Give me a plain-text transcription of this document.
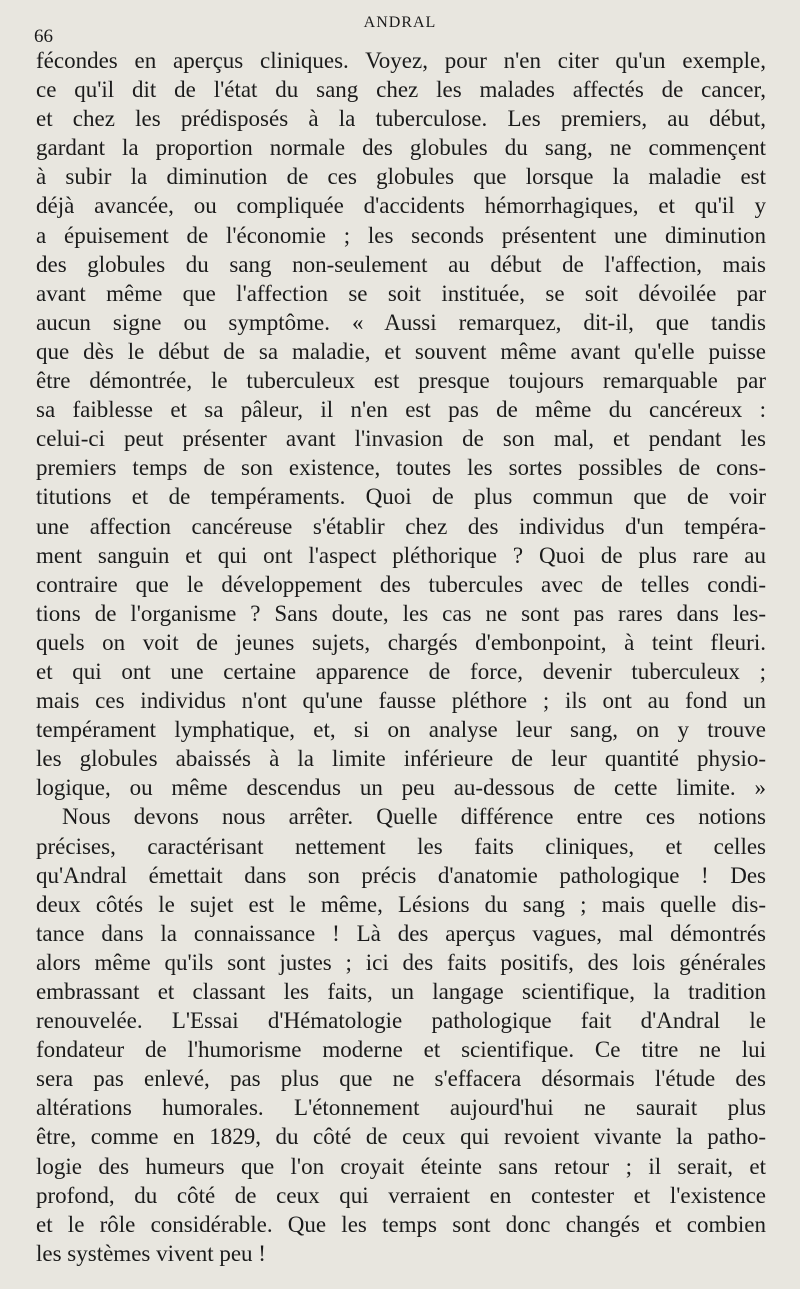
66
ANDRAL
fécondes en aperçus cliniques. Voyez, pour n'en citer qu'un exemple,
ce qu'il dit de l'état du sang chez les malades affectés de cancer,
et chez les prédisposés à la tuberculose. Les premiers, au début,
gardant la proportion normale des globules du sang, ne commençent
à subir la diminution de ces globules que lorsque la maladie est
déjà avancée, ou compliquée d'accidents hémorrhagiques, et qu'il y
a épuisement de l'économie ; les seconds présentent une diminution
des globules du sang non-seulement au début de l'affection, mais
avant même que l'affection se soit instituée, se soit dévoilée par
aucun signe ou symptôme. « Aussi remarquez, dit-il, que tandis
que dès le début de sa maladie, et souvent même avant qu'elle puisse
être démontrée, le tuberculeux est presque toujours remarquable par
sa faiblesse et sa pâleur, il n'en est pas de même du cancéreux :
celui-ci peut présenter avant l'invasion de son mal, et pendant les
premiers temps de son existence, toutes les sortes possibles de cons-
titutions et de tempéraments. Quoi de plus commun que de voir
une affection cancéreuse s'établir chez des individus d'un tempéra-
ment sanguin et qui ont l'aspect pléthorique ? Quoi de plus rare au
contraire que le développement des tubercules avec de telles condi-
tions de l'organisme ? Sans doute, les cas ne sont pas rares dans les-
quels on voit de jeunes sujets, chargés d'embonpoint, à teint fleuri.
et qui ont une certaine apparence de force, devenir tuberculeux ;
mais ces individus n'ont qu'une fausse pléthore ; ils ont au fond un
tempérament lymphatique, et, si on analyse leur sang, on y trouve
les globules abaissés à la limite inférieure de leur quantité physio-
logique, ou même descendus un peu au-dessous de cette limite. »
Nous devons nous arrêter. Quelle différence entre ces notions
précises, caractérisant nettement les faits cliniques, et celles
qu'Andral émettait dans son précis d'anatomie pathologique ! Des
deux côtés le sujet est le même, Lésions du sang ; mais quelle dis-
tance dans la connaissance ! Là des aperçus vagues, mal démontrés
alors même qu'ils sont justes ; ici des faits positifs, des lois générales
embrassant et classant les faits, un langage scientifique, la tradition
renouvelée. L'Essai d'Hématologie pathologique fait d'Andral le
fondateur de l'humorisme moderne et scientifique. Ce titre ne lui
sera pas enlevé, pas plus que ne s'effacera désormais l'étude des
altérations humorales. L'étonnement aujourd'hui ne saurait plus
être, comme en 1829, du côté de ceux qui revoient vivante la patho-
logie des humeurs que l'on croyait éteinte sans retour ; il serait, et
profond, du côté de ceux qui verraient en contester et l'existence
et le rôle considérable. Que les temps sont donc changés et combien
les systèmes vivent peu !
